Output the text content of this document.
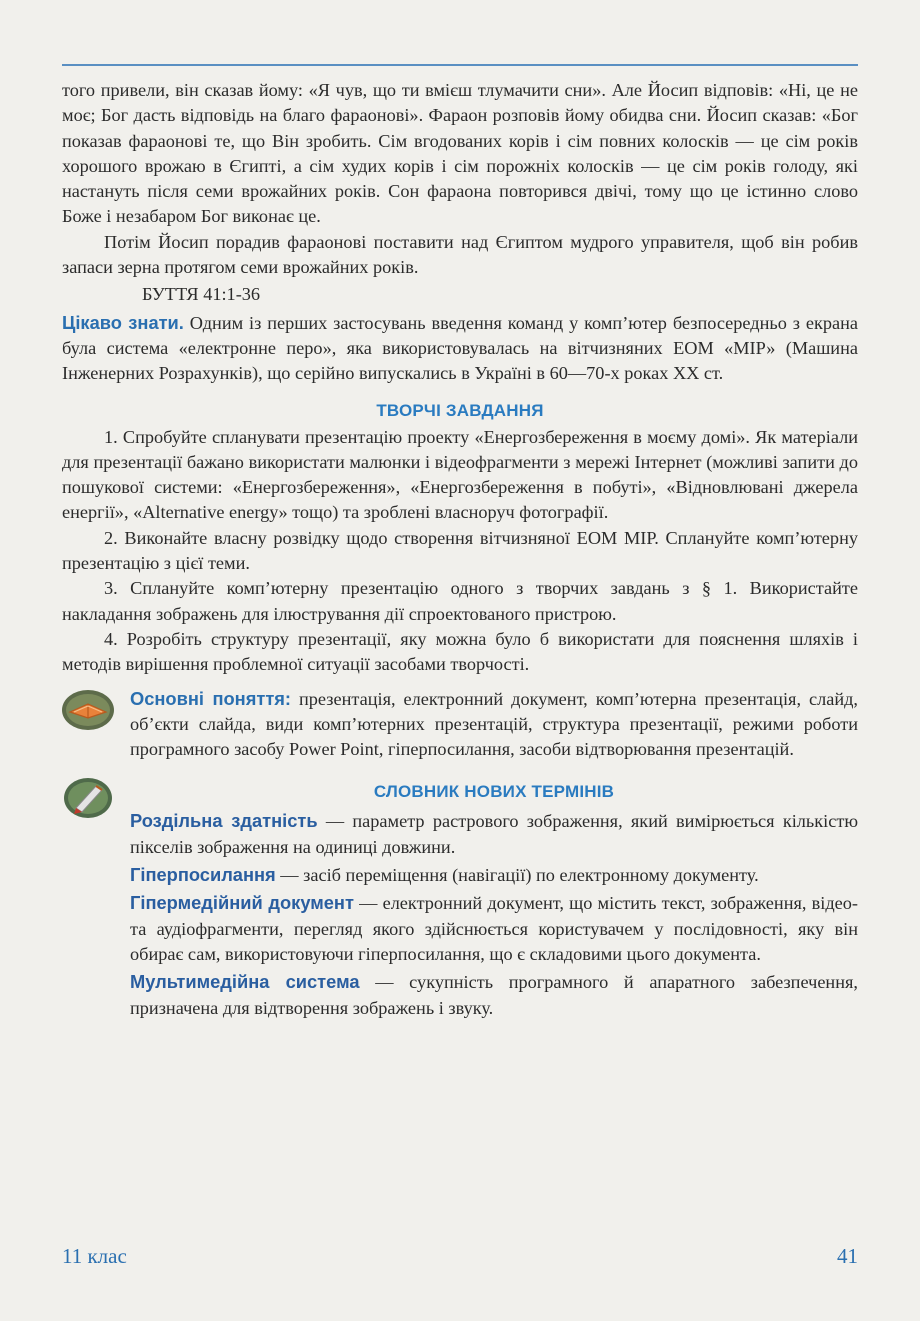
того привели, він сказав йому: «Я чув, що ти вмієш тлумачити сни». Але Йосип відповів: «Ні, це не моє; Бог дасть відповідь на благо фараонові». Фараон розповів йому обидва сни. Йосип сказав: «Бог показав фараонові те, що Він зробить. Сім вгодованих корів і сім повних колосків — це сім років хорошого врожаю в Єгипті, а сім худих корів і сім порожніх колосків — це сім років голоду, які настануть після семи врожайних років. Сон фараона повторився двічі, тому що це істинно слово Боже і незабаром Бог виконає це.

Потім Йосип порадив фараонові поставити над Єгиптом мудрого управителя, щоб він робив запаси зерна протягом семи врожайних років.

БУТТЯ 41:1-36

Цікаво знати. Одним із перших застосувань введення команд у комп’ютер безпосередньо з екрана була система «електронне перо», яка використовувалась на вітчизняних ЕОМ «МІР» (Машина Інженерних Розрахунків), що серійно випускались в Україні в 60—70-х роках XX ст.

ТВОРЧІ ЗАВДАННЯ

1. Спробуйте спланувати презентацію проекту «Енергозбереження в моєму домі». Як матеріали для презентації бажано використати малюнки і відеофрагменти з мережі Інтернет (можливі запити до пошукової системи: «Енергозбереження», «Енергозбереження в побуті», «Відновлювані джерела енергії», «Alternative energy» тощо) та зроблені власноруч фотографії.

2. Виконайте власну розвідку щодо створення вітчизняної ЕОМ МІР. Сплануйте комп’ютерну презентацію з цієї теми.

3. Сплануйте комп’ютерну презентацію одного з творчих завдань з § 1. Використайте накладання зображень для ілюстрування дії спроектованого пристрою.

4. Розробіть структуру презентації, яку можна було б використати для пояснення шляхів і методів вирішення проблемної ситуації засобами творчості.

Основні поняття: презентація, електронний документ, комп’ютерна презентація, слайд, об’єкти слайда, види комп’ютерних презентацій, структура презентації, режими роботи програмного засобу Power Point, гіперпосилання, засоби відтворювання презентацій.

СЛОВНИК НОВИХ ТЕРМІНІВ

Роздільна здатність — параметр растрового зображення, який вимірюється кількістю пікселів зображення на одиниці довжини.

Гіперпосилання — засіб переміщення (навігації) по електронному документу.

Гіпермедійний документ — електронний документ, що містить текст, зображення, відео- та аудіофрагменти, перегляд якого здійснюється користувачем у послідовності, яку він обирає сам, використовуючи гіперпосилання, що є складовими цього документа.

Мультимедійна система — сукупність програмного й апаратного забезпечення, призначена для відтворення зображень і звуку.

11 клас	41
